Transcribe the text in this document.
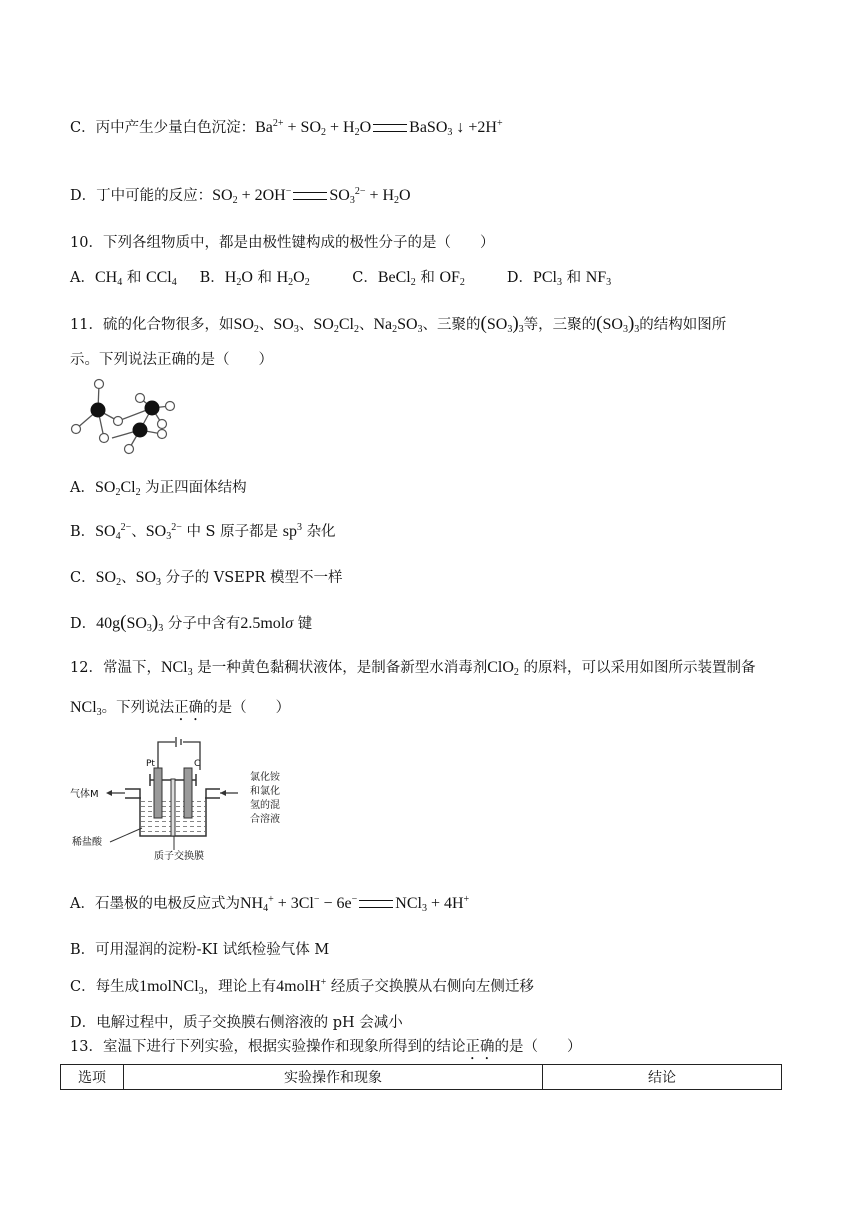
C．丙中产生少量白色沉淀：$Ba^{2+} + SO_2 + H_2O$ BaSO$_3$ ↓ +2H+
D．丁中可能的反应：$SO_2 + 2OH^-$ $SO_3^{2-} + H_2O$
10．下列各组物质中，都是由极性键构成的极性分子的是（　　）
A．$CH_4$ 和 CCl$_4$ B．$H_2O$ 和 $H_2O_2$	C．BeCl$_2$ 和 $OF_2$	D．PCl$_3$ 和 $NF_3$
11．硫的化合物很多，如$SO_2$、$SO_3$、$SO_2Cl_2$、$Na_2SO_3$、三聚的$(SO_3)_3$等，三聚的$(SO_3)_3$的结构如图所
示。下列说法正确的是（　　）
A．$SO_2Cl_2$ 为正四面体结构
B．$SO_4^{2-}$、$SO_3^{2-}$ 中 S 原子都是 $sp^3$ 杂化
C．$SO_2$、$SO_3$ 分子的 VSEPR 模型不一样
D．$40g(SO_3)_3$ 分子中含有2.5molσ 键
12．常温下，NCl$_3$ 是一种黄色黏稠状液体，是制备新型水消毒剂ClO$_2$ 的原料，可以采用如图所示装置制备
NCl$_3$。下列说法正确的是（　　）
Pt	C
气体M
稀盐酸
质子交换膜
氯化铵
和氯化
氢的混
合溶液
A．石墨极的电极反应式为$NH_4^+ + 3Cl^- - 6e^-$ NCl$_3$ + 4H+
B．可用湿润的淀粉-KI 试纸检验气体 M
C．每生成1molNCl$_3$，理论上有4molH+ 经质子交换膜从右侧向左侧迁移
D．电解过程中，质子交换膜右侧溶液的 pH 会减小
13．室温下进行下列实验，根据实验操作和现象所得到的结论正确的是（　　）
选项	实验操作和现象	结论
